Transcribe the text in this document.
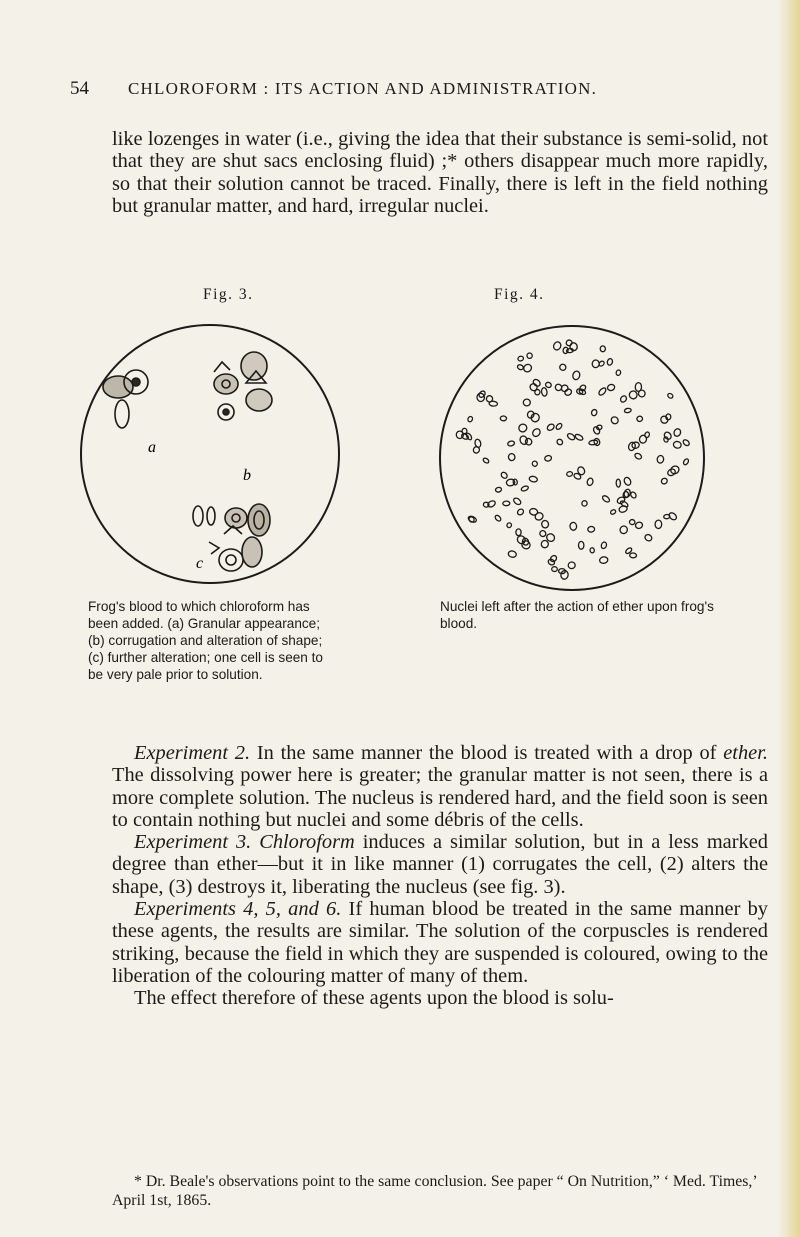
54 CHLOROFORM : ITS ACTION AND ADMINISTRATION.

like lozenges in water (i.e., giving the idea that their substance is semi-solid, not that they are shut sacs enclosing fluid) ;* others disappear much more rapidly, so that their solution cannot be traced. Finally, there is left in the field nothing but granular matter, and hard, irregular nuclei.

Fig. 3.	Fig. 4.
a
b
c
Frog's blood to which chloroform has been added. (a) Granular appearance; (b) corrugation and alteration of shape; (c) further alteration; one cell is seen to be very pale prior to solution.
Nuclei left after the action of ether upon frog's blood.

Experiment 2. In the same manner the blood is treated with a drop of ether. The dissolving power here is greater; the granular matter is not seen, there is a more complete solution. The nucleus is rendered hard, and the field soon is seen to contain nothing but nuclei and some débris of the cells.

Experiment 3. Chloroform induces a similar solution, but in a less marked degree than ether—but it in like manner (1) corrugates the cell, (2) alters the shape, (3) destroys it, liberating the nucleus (see fig. 3).

Experiments 4, 5, and 6. If human blood be treated in the same manner by these agents, the results are similar. The solution of the corpuscles is rendered striking, because the field in which they are suspended is coloured, owing to the liberation of the colouring matter of many of them.

The effect therefore of these agents upon the blood is solu-

* Dr. Beale's observations point to the same conclusion. See paper “ On Nutrition,” ‘ Med. Times,’ April 1st, 1865.
